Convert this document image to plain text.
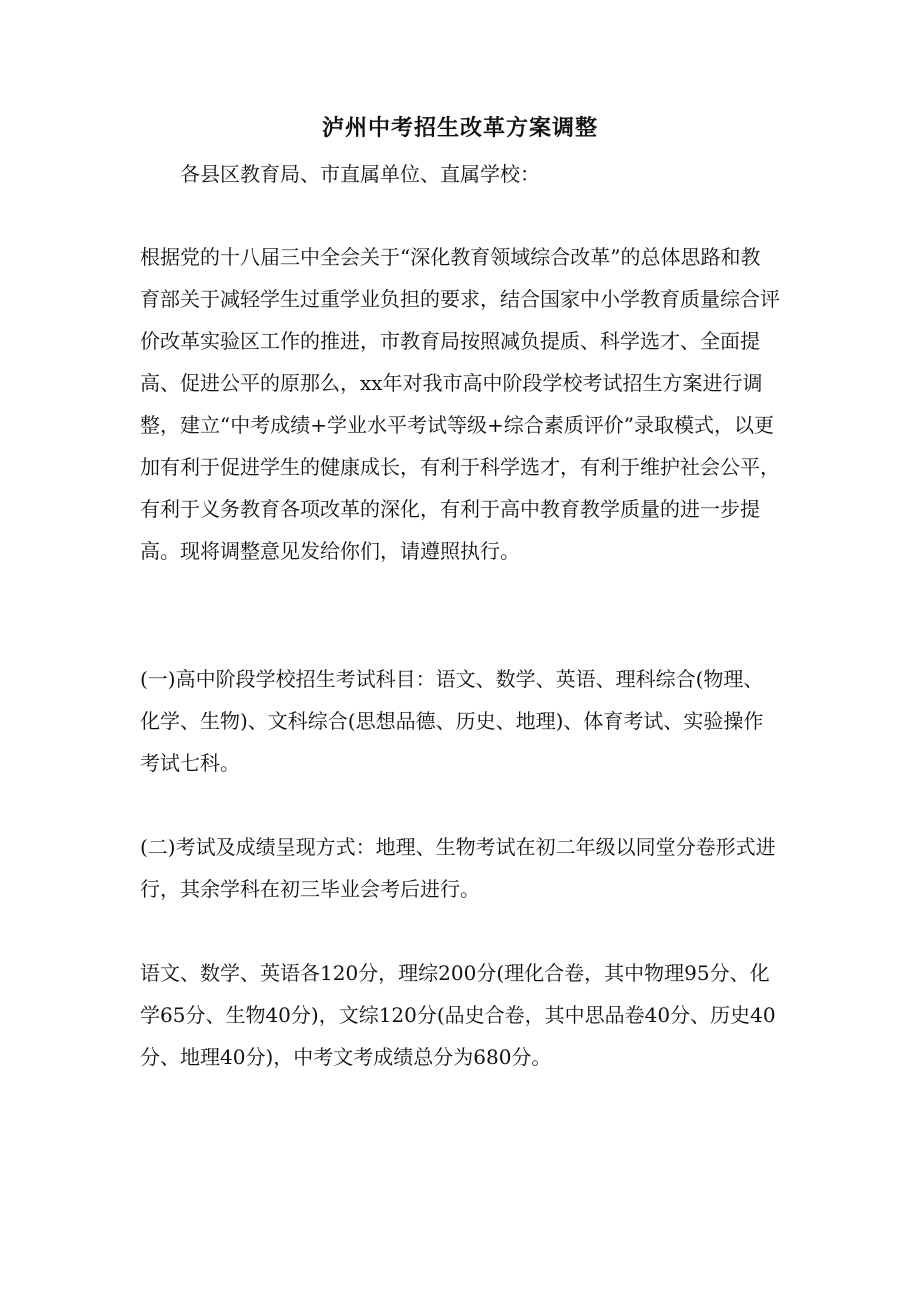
泸州中考招生改革方案调整
各县区教育局、市直属单位、直属学校：

根据党的十八届三中全会关于“深化教育领域综合改革”的总体思路和教育部关于减轻学生过重学业负担的要求，结合国家中小学教育质量综合评价改革实验区工作的推进，市教育局按照减负提质、科学选才、全面提高、促进公平的原那么，xx年对我市高中阶段学校考试招生方案进行调整，建立“中考成绩+学业水平考试等级+综合素质评价”录取模式，以更加有利于促进学生的健康成长，有利于科学选才，有利于维护社会公平，有利于义务教育各项改革的深化，有利于高中教育教学质量的进一步提高。现将调整意见发给你们，请遵照执行。

(一)高中阶段学校招生考试科目：语文、数学、英语、理科综合(物理、化学、生物)、文科综合(思想品德、历史、地理)、体育考试、实验操作考试七科。

(二)考试及成绩呈现方式：地理、生物考试在初二年级以同堂分卷形式进行，其余学科在初三毕业会考后进行。

语文、数学、英语各120分，理综200分(理化合卷，其中物理95分、化学65分、生物40分)，文综120分(品史合卷，其中思品卷40分、历史40分、地理40分)，中考文考成绩总分为680分。
